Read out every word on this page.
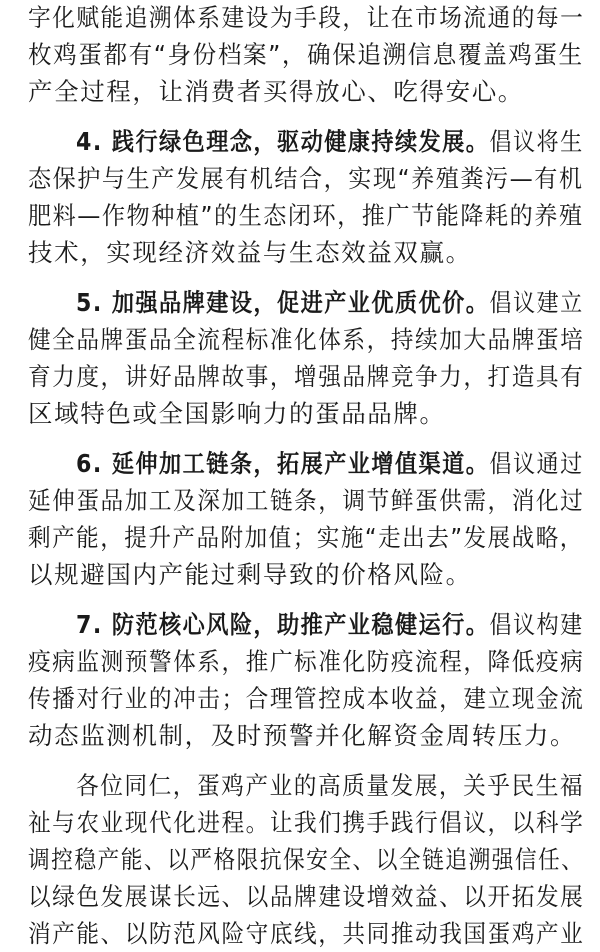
字化赋能追溯体系建设为手段，让在市场流通的每一
枚鸡蛋都有“身份档案”，确保追溯信息覆盖鸡蛋生
产全过程，让消费者买得放心、吃得安心。
4. 践行绿色理念，驱动健康持续发展。倡议将生
态保护与生产发展有机结合，实现“养殖粪污—有机
肥料—作物种植”的生态闭环，推广节能降耗的养殖
技术，实现经济效益与生态效益双赢。
5. 加强品牌建设，促进产业优质优价。倡议建立
健全品牌蛋品全流程标准化体系，持续加大品牌蛋培
育力度，讲好品牌故事，增强品牌竞争力，打造具有
区域特色或全国影响力的蛋品品牌。
6. 延伸加工链条，拓展产业增值渠道。倡议通过
延伸蛋品加工及深加工链条，调节鲜蛋供需，消化过
剩产能，提升产品附加值；实施“走出去”发展战略，
以规避国内产能过剩导致的价格风险。
7. 防范核心风险，助推产业稳健运行。倡议构建
疫病监测预警体系，推广标准化防疫流程，降低疫病
传播对行业的冲击；合理管控成本收益，建立现金流
动态监测机制，及时预警并化解资金周转压力。
各位同仁，蛋鸡产业的高质量发展，关乎民生福
祉与农业现代化进程。让我们携手践行倡议，以科学
调控稳产能、以严格限抗保安全、以全链追溯强信任、
以绿色发展谋长远、以品牌建设增效益、以开拓发展
消产能、以防范风险守底线，共同推动我国蛋鸡产业
